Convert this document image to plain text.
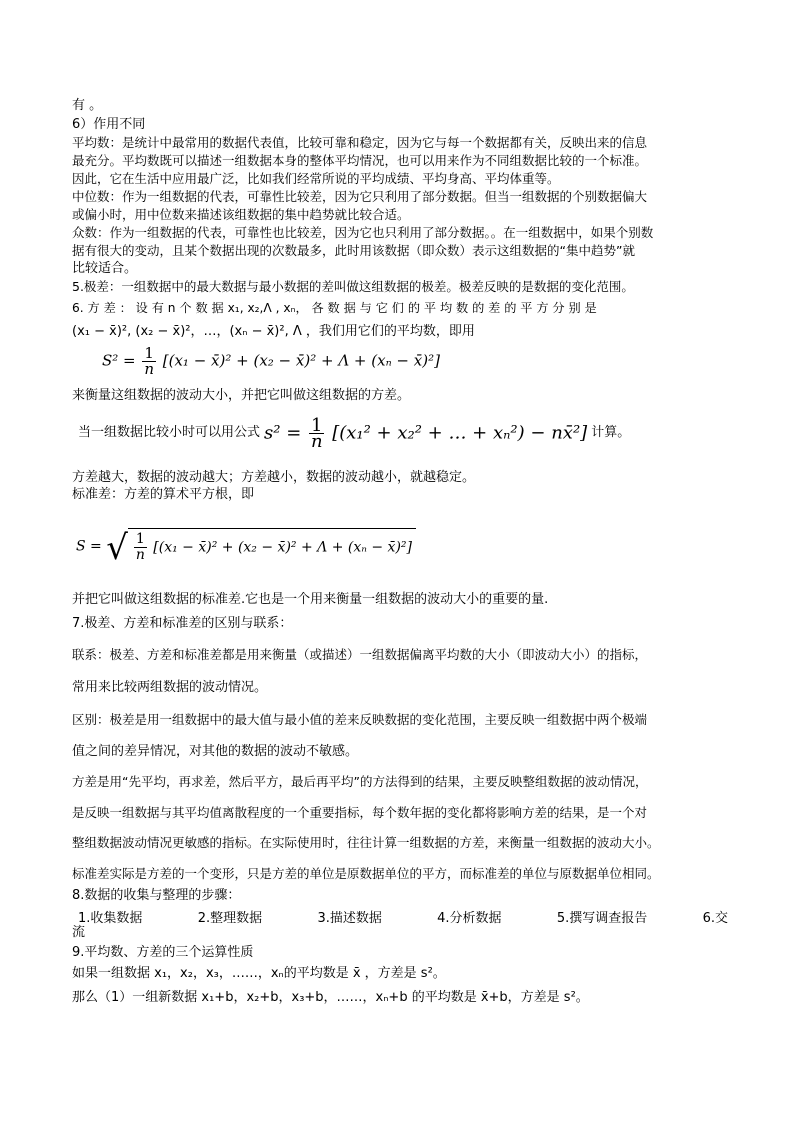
有 。
6）作用不同
平均数：是统计中最常用的数据代表值，比较可靠和稳定，因为它与每一个数据都有关，反映出来的信息
最充分。平均数既可以描述一组数据本身的整体平均情况，也可以用来作为不同组数据比较的一个标准。
因此，它在生活中应用最广泛，比如我们经常所说的平均成绩、平均身高、平均体重等。
中位数：作为一组数据的代表，可靠性比较差，因为它只利用了部分数据。但当一组数据的个别数据偏大
或偏小时，用中位数来描述该组数据的集中趋势就比较合适。
众数：作为一组数据的代表，可靠性也比较差，因为它也只利用了部分数据。。在一组数据中，如果个别数
据有很大的变动，且某个数据出现的次数最多，此时用该数据（即众数）表示这组数据的“集中趋势”就
比较适合。
5.极差：一组数据中的最大数据与最小数据的差叫做这组数据的极差。极差反映的是数据的变化范围。
6. 方 差 ： 设 有 n 个 数 据 x₁, x₂,Λ , xₙ， 各 数 据 与 它 们 的 平 均 数 的 差 的 平 方 分 别 是
(x₁ − x̄)², (x₂ − x̄)²，…，(xₙ − x̄)², Λ ，我们用它们的平均数，即用
$S^2 = \frac{1}{n} [(x_1$ − x̄)² + (x₂ − x̄)² + Λ + (xₙ − x̄)²]
来衡量这组数据的波动大小，并把它叫做这组数据的方差。
当一组数据比较小时可以用公式 $s^2 = \frac{1}{n} [(x_1^2 + x_2^2$ + … + xₙ²) − nx̄²] 计算。
方差越大，数据的波动越大；方差越小，数据的波动越小，就越稳定。
标准差：方差的算术平方根，即
S = √ $\frac{1}{n} [(x_1$ − x̄)² + (x₂ − x̄)² + Λ + (xₙ − x̄)²]
并把它叫做这组数据的标准差.它也是一个用来衡量一组数据的波动大小的重要的量.
7.极差、方差和标准差的区别与联系：
联系：极差、方差和标准差都是用来衡量（或描述）一组数据偏离平均数的大小（即波动大小）的指标，
常用来比较两组数据的波动情况。
区别：极差是用一组数据中的最大值与最小值的差来反映数据的变化范围，主要反映一组数据中两个极端
值之间的差异情况，对其他的数据的波动不敏感。
方差是用“先平均，再求差，然后平方，最后再平均”的方法得到的结果，主要反映整组数据的波动情况，
是反映一组数据与其平均值离散程度的一个重要指标，每个数年据的变化都将影响方差的结果，是一个对
整组数据波动情况更敏感的指标。在实际使用时，往往计算一组数据的方差，来衡量一组数据的波动大小。
标准差实际是方差的一个变形，只是方差的单位是原数据单位的平方，而标准差的单位与原数据单位相同。
8.数据的收集与整理的步骤：
1.收集数据	2.整理数据	3.描述数据	4.分析数据	5.撰写调查报告	6.交
流
9.平均数、方差的三个运算性质
如果一组数据 x₁，x₂，x₃，……，xₙ的平均数是 x̄ ，方差是 s²。
那么（1）一组新数据 x₁+b，x₂+b，x₃+b，……，xₙ+b 的平均数是 x̄+b，方差是 s²。
